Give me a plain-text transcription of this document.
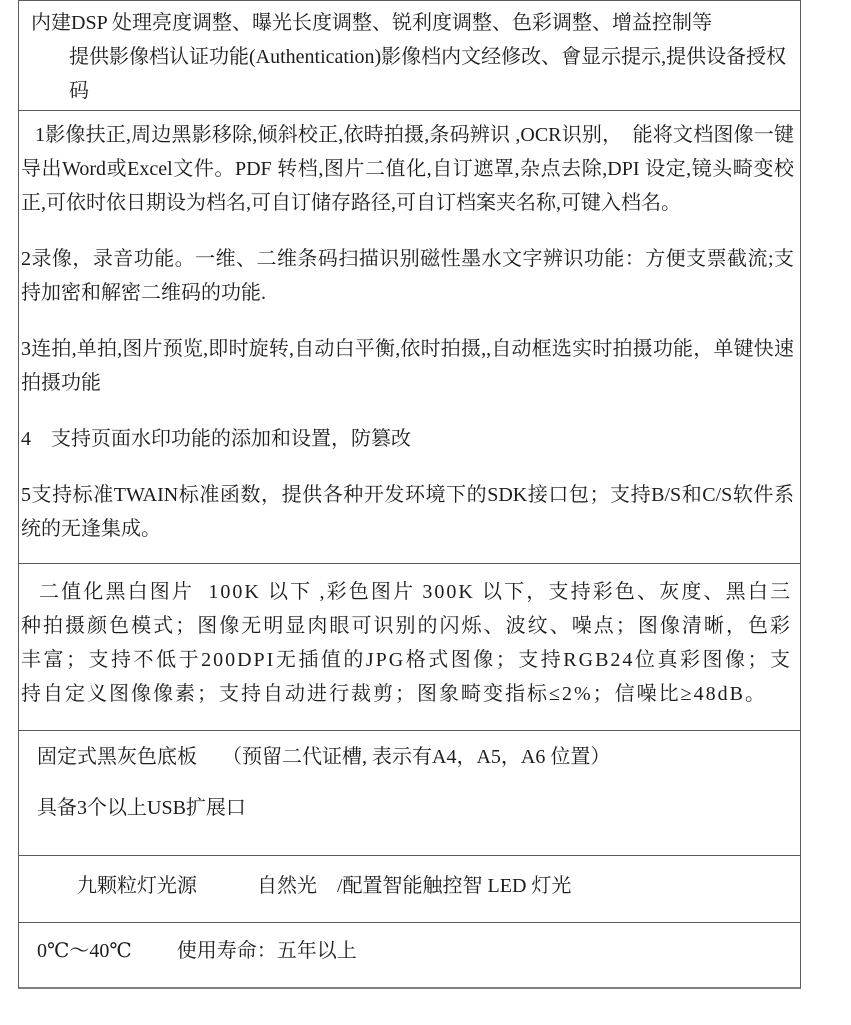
内建DSP 处理亮度调整、曝光长度调整、锐利度调整、色彩调整、增益控制等

提供影像档认证功能(Authentication)影像档内文经修改、會显示提示,提供设备授权码

1影像扶正,周边黑影移除,倾斜校正,依時拍摄,条码辨识 ,OCR识别，  能将文档图像一键导出Word或Excel文件。PDF 转档,图片二值化,自订遮罩,杂点去除,DPI 设定,镜头畸变校正,可依时依日期设为档名,可自订储存路径,可自订档案夹名称,可键入档名。

2录像，录音功能。一维、二维条码扫描识别磁性墨水文字辨识功能：方便支票截流;支持加密和解密二维码的功能.

3连拍,单拍,图片预览,即时旋转,自动白平衡,依时拍摄,,自动框选实时拍摄功能，单键快速拍摄功能

4    支持页面水印功能的添加和设置，防篡改

5支持标准TWAIN标准函数，提供各种开发环境下的SDK接口包；支持B/S和C/S软件系统的无逢集成。

二值化黑白图片  100K 以下 ,彩色图片 300K 以下，支持彩色、灰度、黑白三种拍摄颜色模式；图像无明显肉眼可识别的闪烁、波纹、噪点；图像清晰，色彩丰富；支持不低于200DPI无插值的JPG格式图像；支持RGB24位真彩图像；支持自定义图像像素；支持自动进行裁剪；图象畸变指标≤2%；信噪比≥48dB。

固定式黑灰色底板　 （预留二代证槽, 表示有A4，A5，A6 位置）

具备3个以上USB扩展口

九颗粒灯光源　　　自然光　/配置智能触控智 LED 灯光

0℃～40℃　　 使用寿命：五年以上
